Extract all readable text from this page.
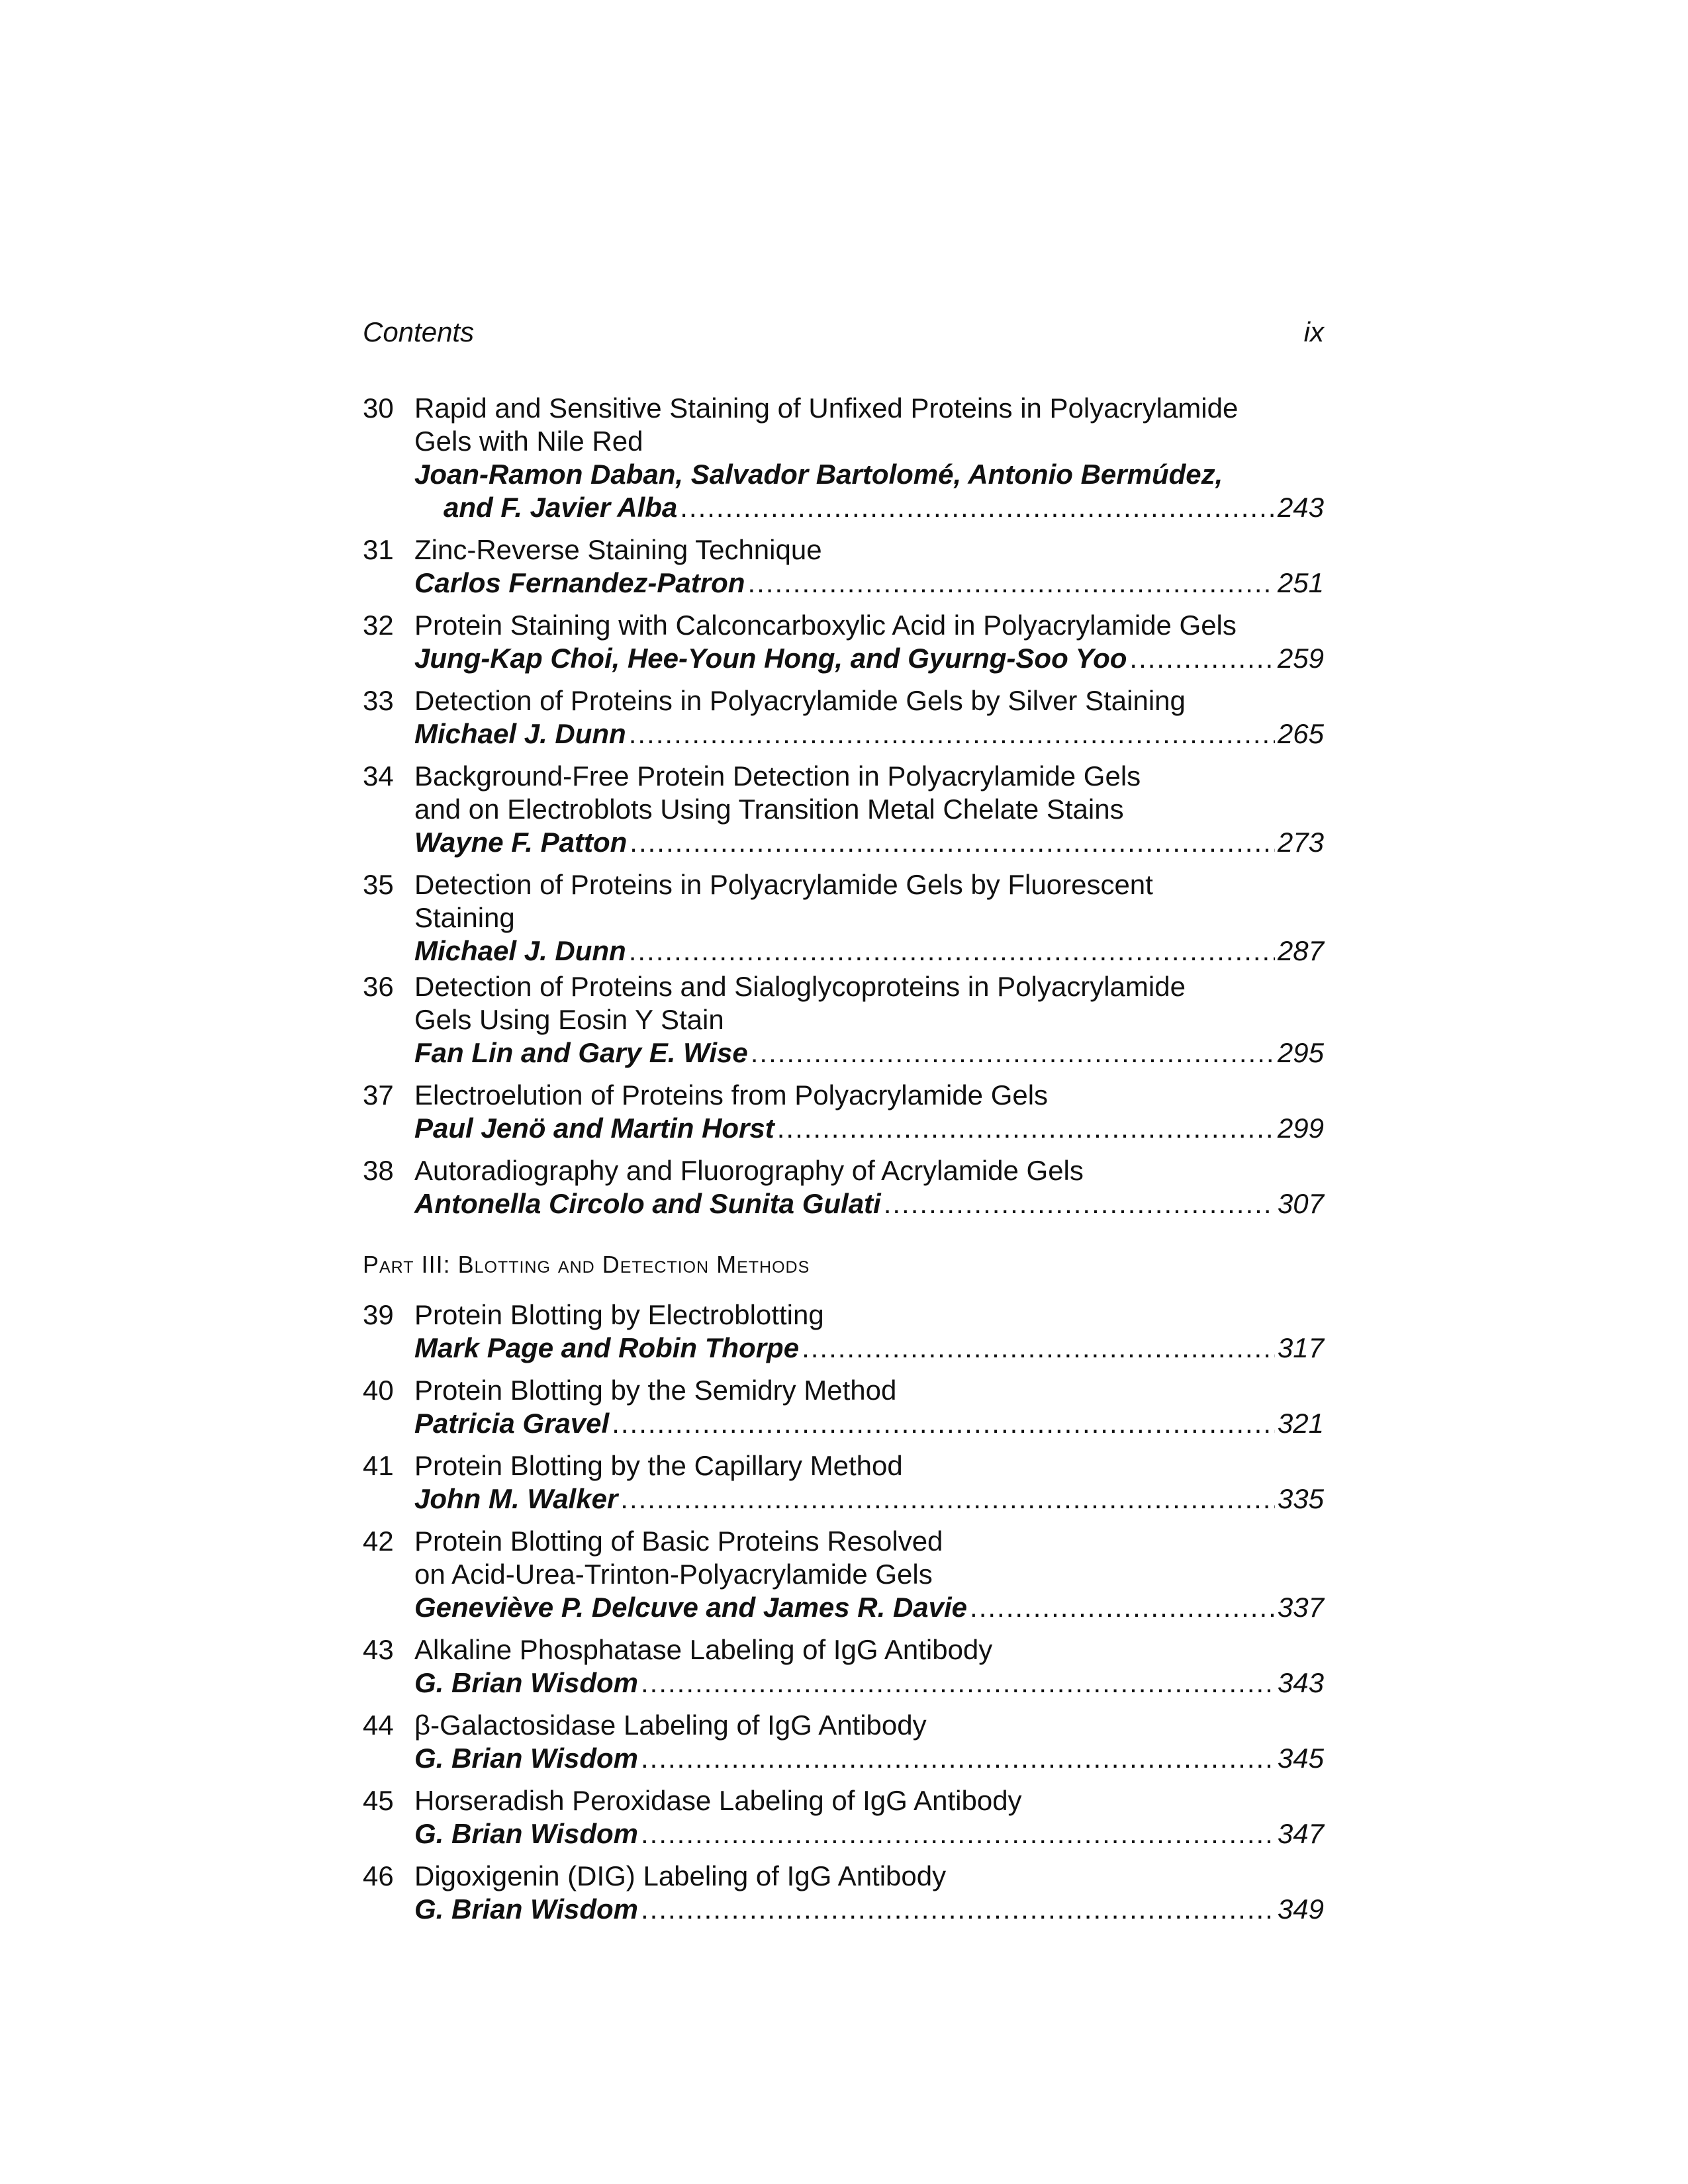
Contents	ix
30 Rapid and Sensitive Staining of Unfixed Proteins in Polyacrylamide
Gels with Nile Red
Joan-Ramon Daban, Salvador Bartolomé, Antonio Bermúdez,
and F. Javier Alba .....	243
31 Zinc-Reverse Staining Technique
Carlos Fernandez-Patron .....	251
32 Protein Staining with Calconcarboxylic Acid in Polyacrylamide Gels
Jung-Kap Choi, Hee-Youn Hong, and Gyurng-Soo Yoo .....	259
33 Detection of Proteins in Polyacrylamide Gels by Silver Staining
Michael J. Dunn .....	265
34 Background-Free Protein Detection in Polyacrylamide Gels
and on Electroblots Using Transition Metal Chelate Stains
Wayne F. Patton .....	273
35 Detection of Proteins in Polyacrylamide Gels by Fluorescent Staining
Michael J. Dunn .....	287
36 Detection of Proteins and Sialoglycoproteins in Polyacrylamide
Gels Using Eosin Y Stain
Fan Lin and Gary E. Wise .....	295
37 Electroelution of Proteins from Polyacrylamide Gels
Paul Jenö and Martin Horst .....	299
38 Autoradiography and Fluorography of Acrylamide Gels
Antonella Circolo and Sunita Gulati .....	307
Part III: Blotting and Detection Methods
39 Protein Blotting by Electroblotting
Mark Page and Robin Thorpe .....	317
40 Protein Blotting by the Semidry Method
Patricia Gravel .....	321
41 Protein Blotting by the Capillary Method
John M. Walker .....	335
42 Protein Blotting of Basic Proteins Resolved
on Acid-Urea-Trinton-Polyacrylamide Gels
Geneviève P. Delcuve and James R. Davie .....	337
43 Alkaline Phosphatase Labeling of IgG Antibody
G. Brian Wisdom .....	343
44 β-Galactosidase Labeling of IgG Antibody
G. Brian Wisdom .....	345
45 Horseradish Peroxidase Labeling of IgG Antibody
G. Brian Wisdom .....	347
46 Digoxigenin (DIG) Labeling of IgG Antibody
G. Brian Wisdom .....	349
